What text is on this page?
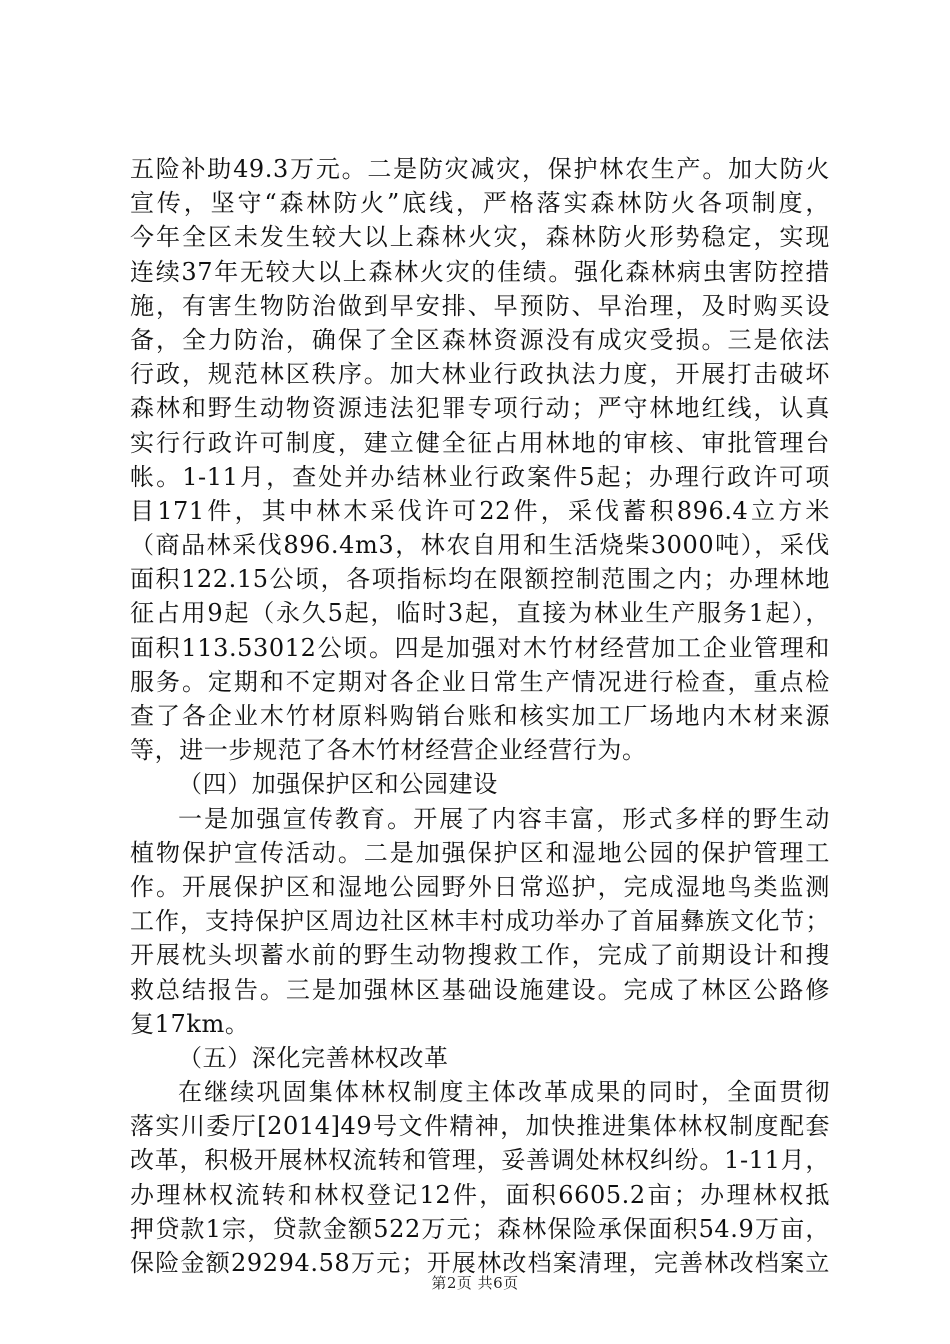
五险补助49.3万元。二是防灾减灾，保护林农生产。加大防火
宣传，坚守“森林防火”底线，严格落实森林防火各项制度，
今年全区未发生较大以上森林火灾，森林防火形势稳定，实现
连续37年无较大以上森林火灾的佳绩。强化森林病虫害防控措
施，有害生物防治做到早安排、早预防、早治理，及时购买设
备，全力防治，确保了全区森林资源没有成灾受损。三是依法
行政，规范林区秩序。加大林业行政执法力度，开展打击破坏
森林和野生动物资源违法犯罪专项行动；严守林地红线，认真
实行行政许可制度，建立健全征占用林地的审核、审批管理台
帐。1-11月，查处并办结林业行政案件5起；办理行政许可项
目171件，其中林木采伐许可22件，采伐蓄积896.4立方米
（商品林采伐896.4m3，林农自用和生活烧柴3000吨），采伐
面积122.15公顷，各项指标均在限额控制范围之内；办理林地
征占用9起（永久5起，临时3起，直接为林业生产服务1起），
面积113.53012公顷。四是加强对木竹材经营加工企业管理和
服务。定期和不定期对各企业日常生产情况进行检查，重点检
查了各企业木竹材原料购销台账和核实加工厂场地内木材来源
等，进一步规范了各木竹材经营企业经营行为。
（四）加强保护区和公园建设
一是加强宣传教育。开展了内容丰富，形式多样的野生动
植物保护宣传活动。二是加强保护区和湿地公园的保护管理工
作。开展保护区和湿地公园野外日常巡护，完成湿地鸟类监测
工作，支持保护区周边社区林丰村成功举办了首届彝族文化节；
开展枕头坝蓄水前的野生动物搜救工作，完成了前期设计和搜
救总结报告。三是加强林区基础设施建设。完成了林区公路修
复17km。
（五）深化完善林权改革
在继续巩固集体林权制度主体改革成果的同时，全面贯彻
落实川委厅[2014]49号文件精神，加快推进集体林权制度配套
改革，积极开展林权流转和管理，妥善调处林权纠纷。1-11月，
办理林权流转和林权登记12件，面积6605.2亩；办理林权抵
押贷款1宗，贷款金额522万元；森林保险承保面积54.9万亩，
保险金额29294.58万元；开展林改档案清理，完善林改档案立
第2页 共6页
